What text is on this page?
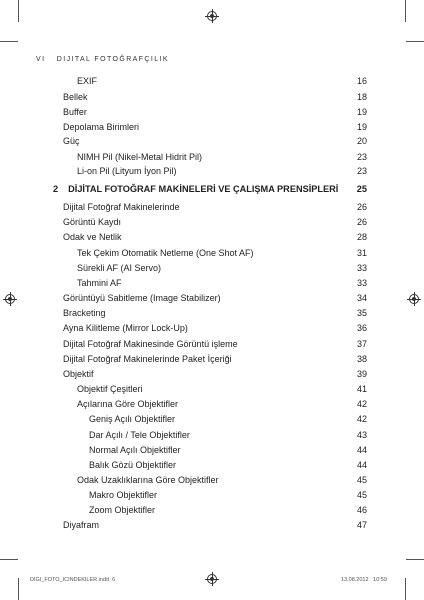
VI DIJITAL FOTOĞRAFÇILIK
EXIF	16
Bellek	18
Buffer	19
Depolama Birimleri	19
Güç	20
NIMH Pil (Nikel-Metal Hidrit Pil)	23
Li-on Pil (Lityum İyon Pil)	23
2 DİJİTAL FOTOĞRAF MAKİNELERİ VE ÇALIŞMA PRENSİPLERİ 25
Dijital Fotoğraf Makinelerinde	26
Görüntü Kaydı	26
Odak ve Netlik	28
Tek Çekim Otomatik Netleme (One Shot AF)	31
Sürekli AF (AI Servo)	33
Tahmini AF	33
Görüntüyü Sabitleme (Image Stabilizer)	34
Bracketing	35
Ayna Kilitleme (Mirror Lock-Up)	36
Dijital Fotoğraf Makinesinde Görüntü işleme	37
Dijital Fotoğraf Makinelerinde Paket İçeriği	38
Objektif	39
Objektif Çeşitleri	41
Açılarına Göre Objektifler	42
Geniş Açılı Objektifler	42
Dar Açılı / Tele Objektifler	43
Normal Açılı Objektifler	44
Balık Gözü Objektifler	44
Odak Uzaklıklarına Göre Objektifler	45
Makro Objektifler	45
Zoom Objektifler	46
Diyafram	47
DIGI_FOTO_ICINDEKILER.indd 6	13.08.2012 10:59
